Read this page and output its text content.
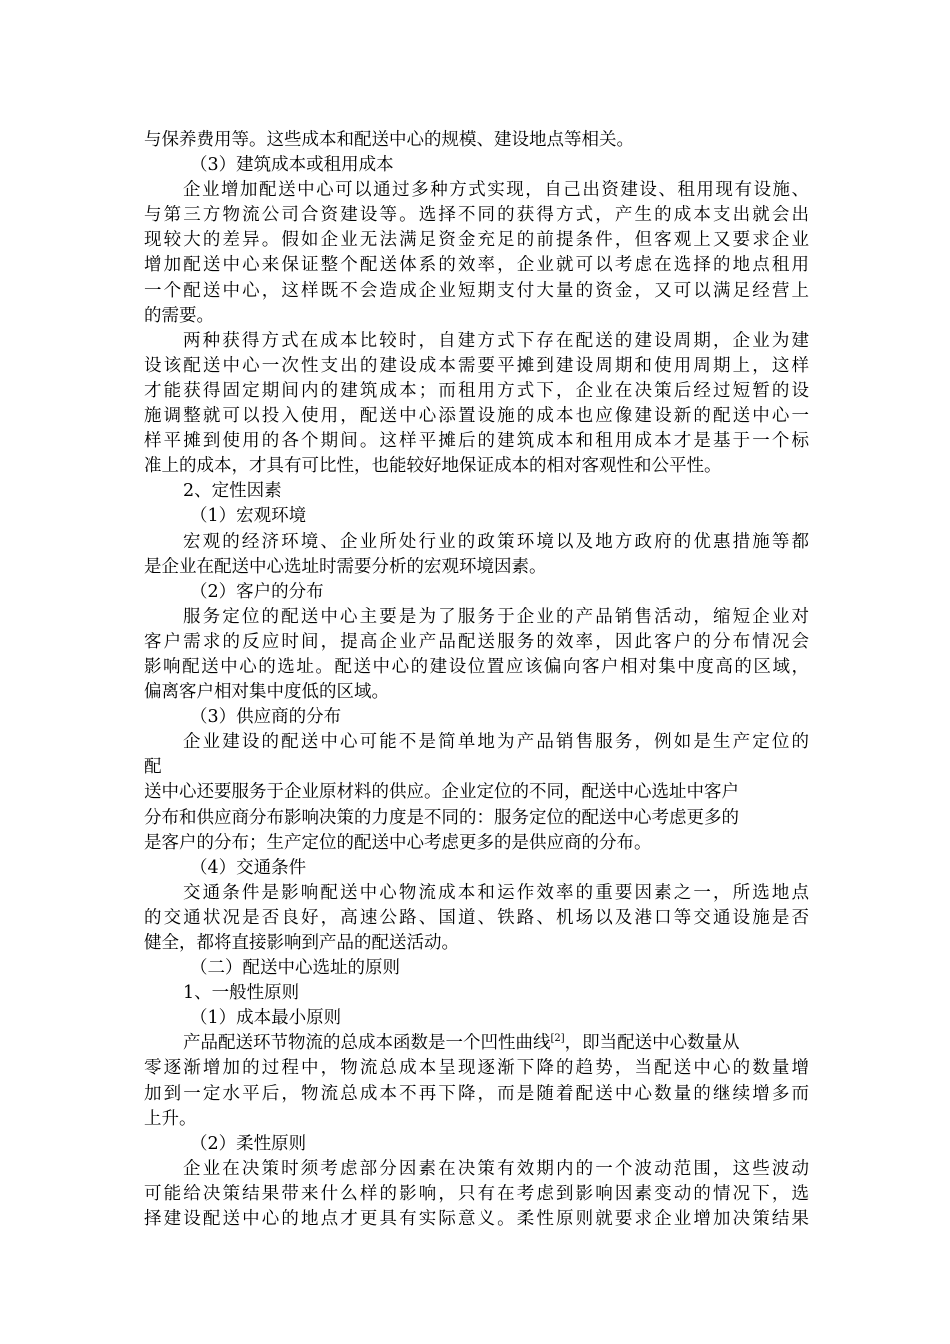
与保养费用等。这些成本和配送中心的规模、建设地点等相关。
（3）建筑成本或租用成本
企业增加配送中心可以通过多种方式实现，自己出资建设、租用现有设施、
与第三方物流公司合资建设等。选择不同的获得方式，产生的成本支出就会出
现较大的差异。假如企业无法满足资金充足的前提条件，但客观上又要求企业
增加配送中心来保证整个配送体系的效率，企业就可以考虑在选择的地点租用
一个配送中心，这样既不会造成企业短期支付大量的资金，又可以满足经营上
的需要。
两种获得方式在成本比较时，自建方式下存在配送的建设周期，企业为建
设该配送中心一次性支出的建设成本需要平摊到建设周期和使用周期上，这样
才能获得固定期间内的建筑成本；而租用方式下，企业在决策后经过短暂的设
施调整就可以投入使用，配送中心添置设施的成本也应像建设新的配送中心一
样平摊到使用的各个期间。这样平摊后的建筑成本和租用成本才是基于一个标
准上的成本，才具有可比性，也能较好地保证成本的相对客观性和公平性。
2、定性因素
（1）宏观环境
宏观的经济环境、企业所处行业的政策环境以及地方政府的优惠措施等都
是企业在配送中心选址时需要分析的宏观环境因素。
（2）客户的分布
服务定位的配送中心主要是为了服务于企业的产品销售活动，缩短企业对
客户需求的反应时间，提高企业产品配送服务的效率，因此客户的分布情况会
影响配送中心的选址。配送中心的建设位置应该偏向客户相对集中度高的区域，
偏离客户相对集中度低的区域。
（3）供应商的分布
企业建设的配送中心可能不是简单地为产品销售服务，例如是生产定位的
配
送中心还要服务于企业原材料的供应。企业定位的不同，配送中心选址中客户
分布和供应商分布影响决策的力度是不同的：服务定位的配送中心考虑更多的
是客户的分布；生产定位的配送中心考虑更多的是供应商的分布。
（4）交通条件
交通条件是影响配送中心物流成本和运作效率的重要因素之一，所选地点
的交通状况是否良好，高速公路、国道、铁路、机场以及港口等交通设施是否
健全，都将直接影响到产品的配送活动。
（二）配送中心选址的原则
1、一般性原则
（1）成本最小原则
产品配送环节物流的总成本函数是一个凹性曲线[2]，即当配送中心数量从
零逐渐增加的过程中，物流总成本呈现逐渐下降的趋势，当配送中心的数量增
加到一定水平后，物流总成本不再下降，而是随着配送中心数量的继续增多而
上升。
（2）柔性原则
企业在决策时须考虑部分因素在决策有效期内的一个波动范围，这些波动
可能给决策结果带来什么样的影响，只有在考虑到影响因素变动的情况下，选
择建设配送中心的地点才更具有实际意义。柔性原则就要求企业增加决策结果
